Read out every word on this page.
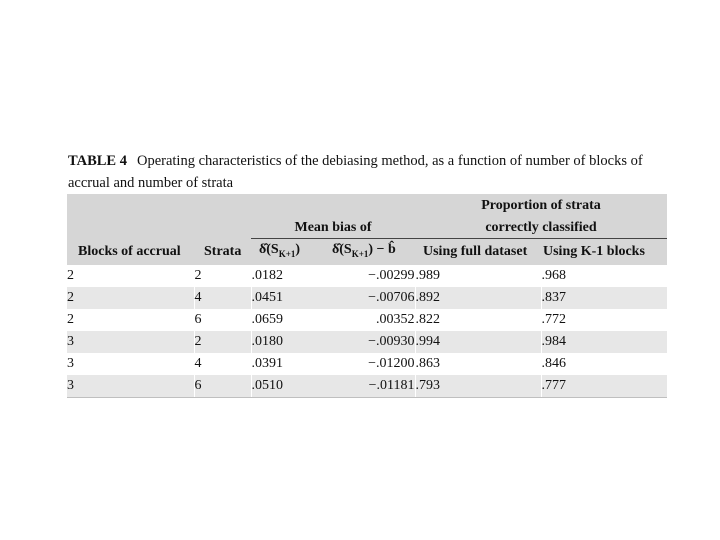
TABLE 4 Operating characteristics of the debiasing method, as a function of number of blocks of accrual and number of strata
				Proportion of strata	
		Mean bias of		correctly classified	
Blocks of accrual	Strata	$\deltâ(S_{K+1})$	$\deltâ(S_{K+1})$ − b̂	Using full dataset	Using K-1 blocks
2	2	.0182	−.00299	.989	.968
2	4	.0451	−.00706	.892	.837
2	6	.0659	.00352	.822	.772
3	2	.0180	−.00930	.994	.984
3	4	.0391	−.01200	.863	.846
3	6	.0510	−.01181	.793	.777
